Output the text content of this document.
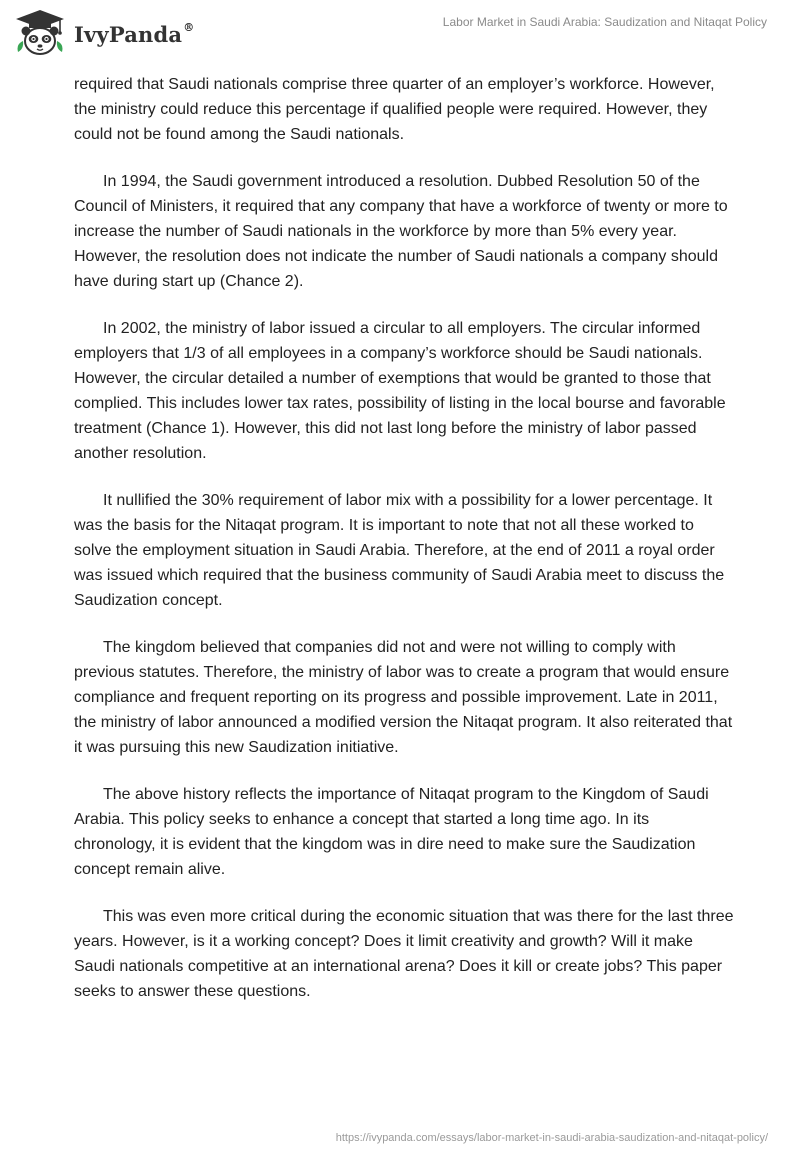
IvyPanda®	Labor Market in Saudi Arabia: Saudization and Nitaqat Policy

required that Saudi nationals comprise three quarter of an employer’s workforce. However, the ministry could reduce this percentage if qualified people were required. However, they could not be found among the Saudi nationals.

In 1994, the Saudi government introduced a resolution. Dubbed Resolution 50 of the Council of Ministers, it required that any company that have a workforce of twenty or more to increase the number of Saudi nationals in the workforce by more than 5% every year. However, the resolution does not indicate the number of Saudi nationals a company should have during start up (Chance 2).

In 2002, the ministry of labor issued a circular to all employers. The circular informed employers that 1/3 of all employees in a company’s workforce should be Saudi nationals. However, the circular detailed a number of exemptions that would be granted to those that complied. This includes lower tax rates, possibility of listing in the local bourse and favorable treatment (Chance 1). However, this did not last long before the ministry of labor passed another resolution.

It nullified the 30% requirement of labor mix with a possibility for a lower percentage. It was the basis for the Nitaqat program. It is important to note that not all these worked to solve the employment situation in Saudi Arabia. Therefore, at the end of 2011 a royal order was issued which required that the business community of Saudi Arabia meet to discuss the Saudization concept.

The kingdom believed that companies did not and were not willing to comply with previous statutes. Therefore, the ministry of labor was to create a program that would ensure compliance and frequent reporting on its progress and possible improvement. Late in 2011, the ministry of labor announced a modified version the Nitaqat program. It also reiterated that it was pursuing this new Saudization initiative.

The above history reflects the importance of Nitaqat program to the Kingdom of Saudi Arabia. This policy seeks to enhance a concept that started a long time ago. In its chronology, it is evident that the kingdom was in dire need to make sure the Saudization concept remain alive.

This was even more critical during the economic situation that was there for the last three years. However, is it a working concept? Does it limit creativity and growth? Will it make Saudi nationals competitive at an international arena? Does it kill or create jobs? This paper seeks to answer these questions.

https://ivypanda.com/essays/labor-market-in-saudi-arabia-saudization-and-nitaqat-policy/
